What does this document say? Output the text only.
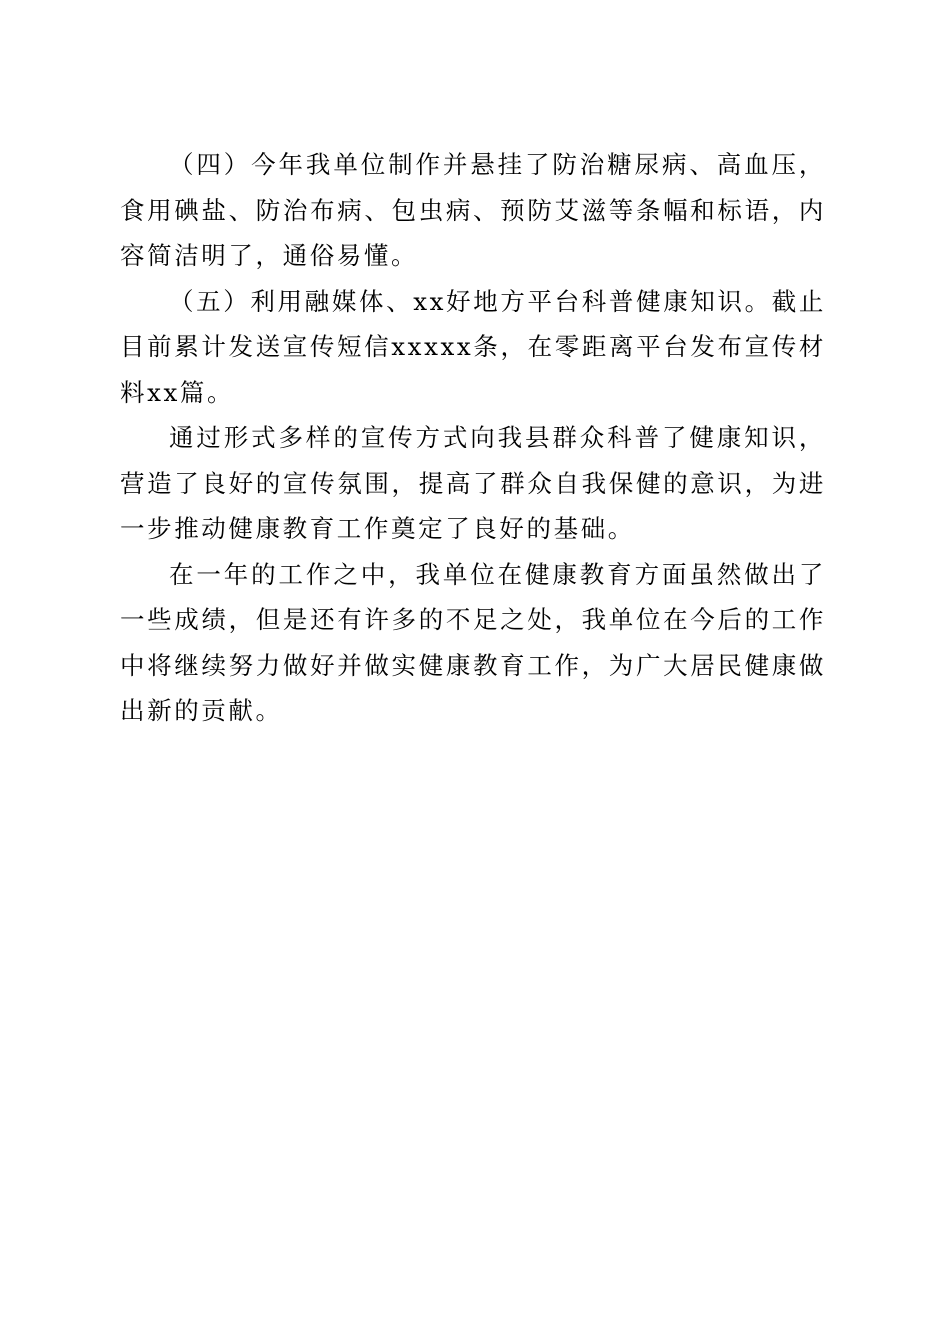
（四）今年我单位制作并悬挂了防治糖尿病、高血压，食用碘盐、防治布病、包虫病、预防艾滋等条幅和标语，内容简洁明了，通俗易懂。

（五）利用融媒体、xx好地方平台科普健康知识。截止目前累计发送宣传短信xxxxx条，在零距离平台发布宣传材料xx篇。

通过形式多样的宣传方式向我县群众科普了健康知识，营造了良好的宣传氛围，提高了群众自我保健的意识，为进一步推动健康教育工作奠定了良好的基础。

在一年的工作之中，我单位在健康教育方面虽然做出了一些成绩，但是还有许多的不足之处，我单位在今后的工作中将继续努力做好并做实健康教育工作，为广大居民健康做出新的贡献。
